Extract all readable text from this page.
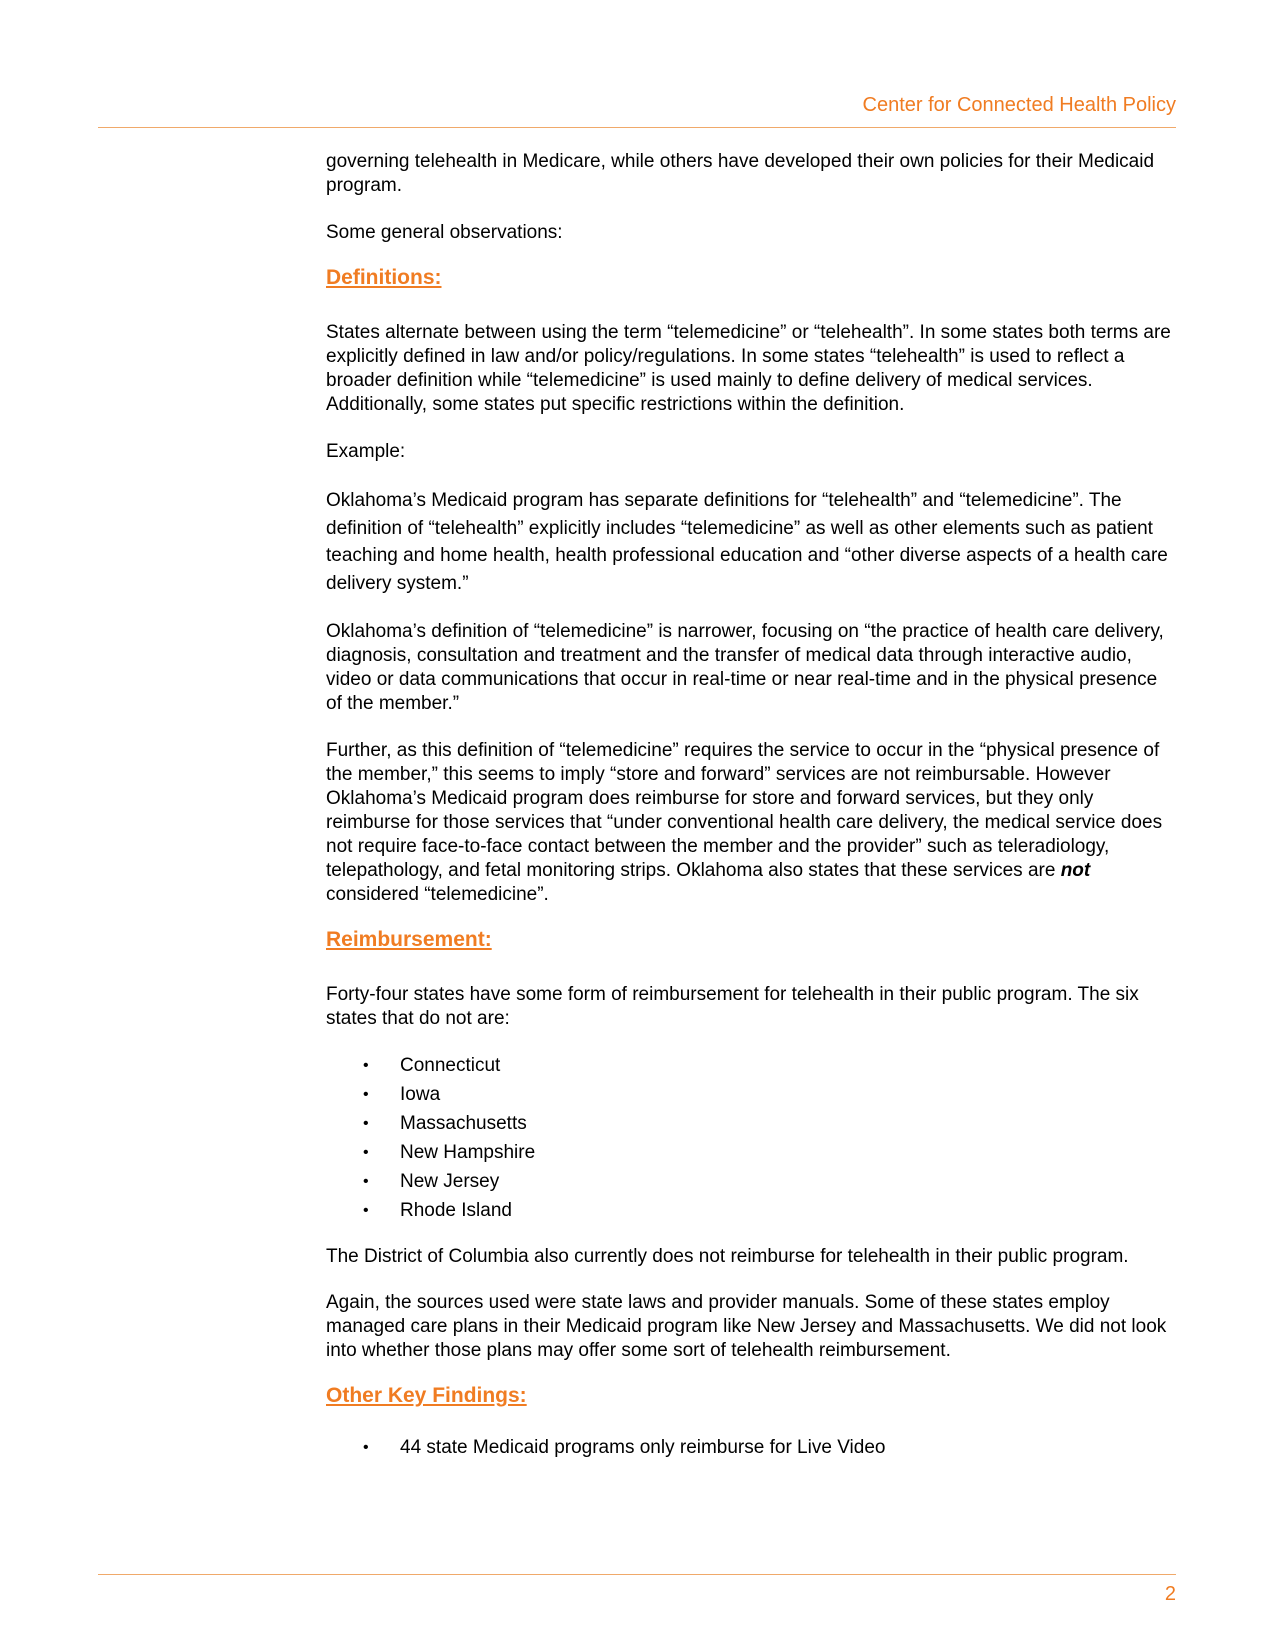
Center for Connected Health Policy

governing telehealth in Medicare, while others have developed their own policies for their Medicaid program.

Some general observations:

Definitions:

States alternate between using the term “telemedicine” or “telehealth”. In some states both terms are explicitly defined in law and/or policy/regulations. In some states “telehealth” is used to reflect a broader definition while “telemedicine” is used mainly to define delivery of medical services. Additionally, some states put specific restrictions within the definition.

Example:

Oklahoma’s Medicaid program has separate definitions for “telehealth” and “telemedicine”. The definition of “telehealth” explicitly includes “telemedicine” as well as other elements such as patient teaching and home health, health professional education and “other diverse aspects of a health care delivery system.”

Oklahoma’s definition of “telemedicine” is narrower, focusing on “the practice of health care delivery, diagnosis, consultation and treatment and the transfer of medical data through interactive audio, video or data communications that occur in real-time or near real-time and in the physical presence of the member.”

Further, as this definition of “telemedicine” requires the service to occur in the “physical presence of the member,” this seems to imply “store and forward” services are not reimbursable. However Oklahoma’s Medicaid program does reimburse for store and forward services, but they only reimburse for those services that “under conventional health care delivery, the medical service does not require face-to-face contact between the member and the provider” such as teleradiology, telepathology, and fetal monitoring strips. Oklahoma also states that these services are not considered “telemedicine”.

Reimbursement:

Forty-four states have some form of reimbursement for telehealth in their public program. The six states that do not are:

• Connecticut
• Iowa
• Massachusetts
• New Hampshire
• New Jersey
• Rhode Island

The District of Columbia also currently does not reimburse for telehealth in their public program.

Again, the sources used were state laws and provider manuals. Some of these states employ managed care plans in their Medicaid program like New Jersey and Massachusetts. We did not look into whether those plans may offer some sort of telehealth reimbursement.

Other Key Findings:
• 44 state Medicaid programs only reimburse for Live Video
2
